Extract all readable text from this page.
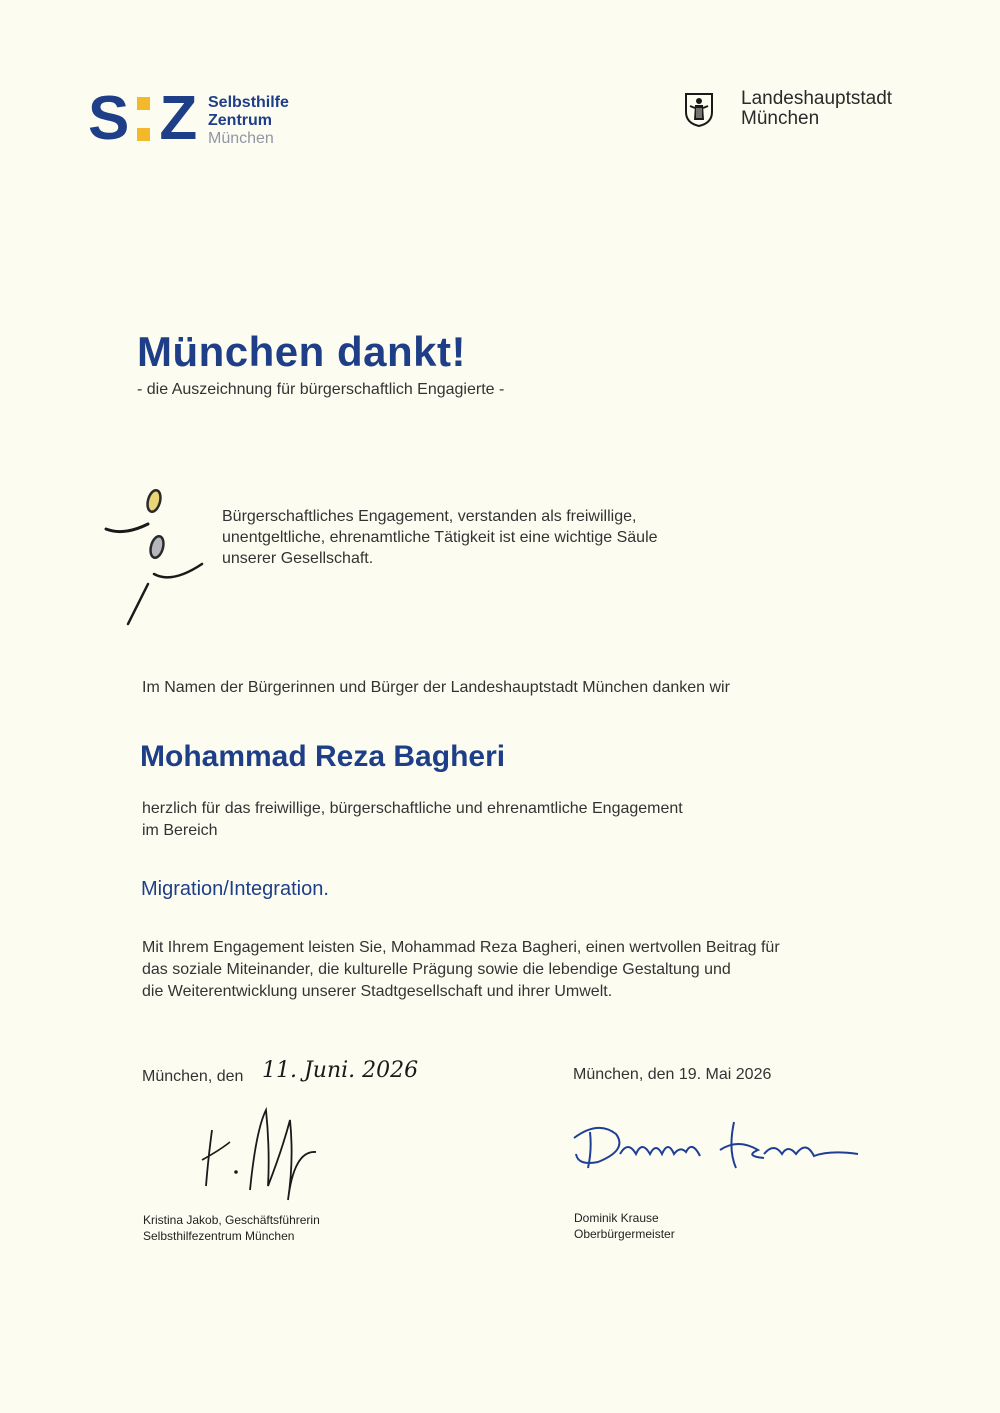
S Z Selbsthilfe
Zentrum
München
Landeshauptstadt
München
München dankt!
- die Auszeichnung für bürgerschaftlich Engagierte -
Bürgerschaftliches Engagement, verstanden als freiwillige,
unentgeltliche, ehrenamtliche Tätigkeit ist eine wichtige Säule
unserer Gesellschaft.
Im Namen der Bürgerinnen und Bürger der Landeshauptstadt München danken wir
Mohammad Reza Bagheri
herzlich für das freiwillige, bürgerschaftliche und ehrenamtliche Engagement
im Bereich
Migration/Integration.
Mit Ihrem Engagement leisten Sie, Mohammad Reza Bagheri, einen wertvollen Beitrag für
das soziale Miteinander, die kulturelle Prägung sowie die lebendige Gestaltung und
die Weiterentwicklung unserer Stadtgesellschaft und ihrer Umwelt.
München, den 11. Juni. 2026
Kristina Jakob, Geschäftsführerin
Selbsthilfezentrum München
München, den 19. Mai 2026
Dominik Krause
Oberbürgermeister
